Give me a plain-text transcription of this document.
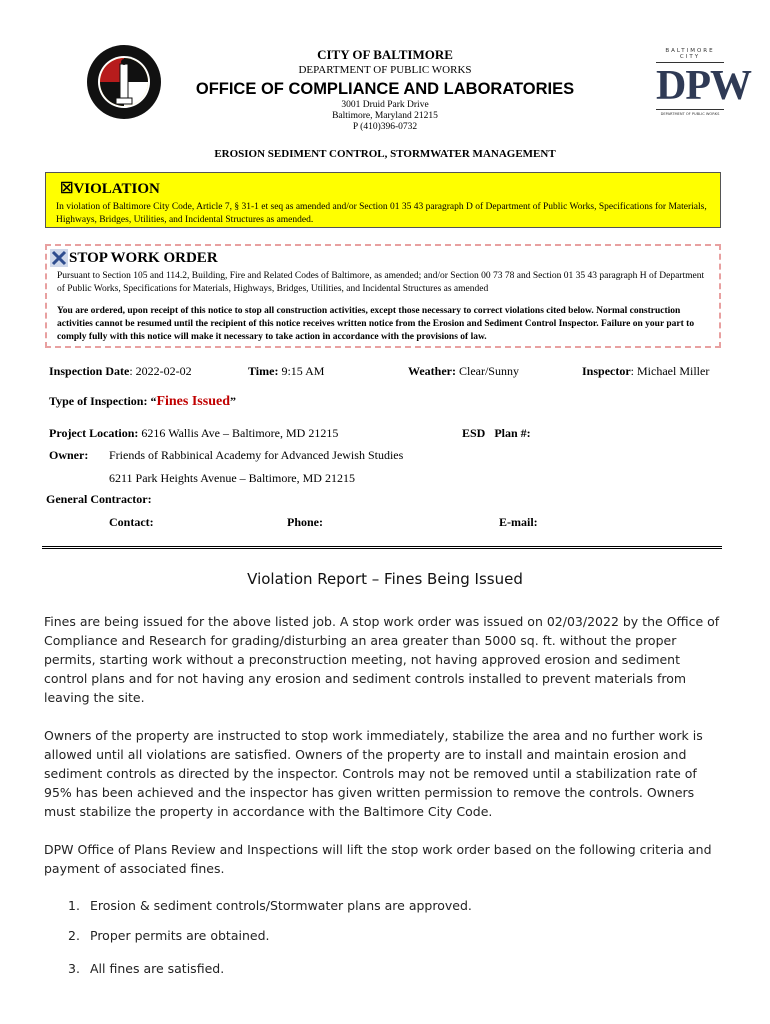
BALTIMORE CITY
DPW
DEPARTMENT OF PUBLIC WORKS
CITY OF BALTIMORE
DEPARTMENT OF PUBLIC WORKS
OFFICE OF COMPLIANCE AND LABORATORIES
3001 Druid Park Drive
Baltimore, Maryland 21215
P (410)396-0732
EROSION SEDIMENT CONTROL, STORMWATER MANAGEMENT
☒VIOLATION
In violation of Baltimore City Code, Article 7, § 31-1 et seq as amended and/or Section 01 35 43 paragraph D of Department of Public Works, Specifications for Materials, Highways, Bridges, Utilities, and Incidental Structures as amended.
STOP WORK ORDER
Pursuant to Section 105 and 114.2, Building, Fire and Related Codes of Baltimore, as amended; and/or Section 00 73 78 and Section 01 35 43 paragraph H of Department of Public Works, Specifications for Materials, Highways, Bridges, Utilities, and Incidental Structures as amended
You are ordered, upon receipt of this notice to stop all construction activities, except those necessary to correct violations cited below. Normal construction activities cannot be resumed until the recipient of this notice receives written notice from the Erosion and Sediment Control Inspector. Failure on your part to comply fully with this notice will make it necessary to take action in accordance with the provisions of law.
Inspection Date: 2022-02-02	Time: 9:15 AM	Weather: Clear/Sunny	Inspector: Michael Miller
Type of Inspection: “Fines Issued”
Project Location: 6216 Wallis Ave – Baltimore, MD 21215	ESD   Plan #:
Owner: Friends of Rabbinical Academy for Advanced Jewish Studies
6211 Park Heights Avenue – Baltimore, MD 21215
General Contractor:
Contact:	Phone:	E-mail:
Violation Report – Fines Being Issued
Fines are being issued for the above listed job. A stop work order was issued on 02/03/2022 by the Office of Compliance and Research for grading/disturbing an area greater than 5000 sq. ft. without the proper permits, starting work without a preconstruction meeting, not having approved erosion and sediment control plans and for not having any erosion and sediment controls installed to prevent materials from leaving the site.
Owners of the property are instructed to stop work immediately, stabilize the area and no further work is allowed until all violations are satisfied. Owners of the property are to install and maintain erosion and sediment controls as directed by the inspector. Controls may not be removed until a stabilization rate of 95% has been achieved and the inspector has given written permission to remove the controls. Owners must stabilize the property in accordance with the Baltimore City Code.
DPW Office of Plans Review and Inspections will lift the stop work order based on the following criteria and payment of associated fines.
1. Erosion & sediment controls/Stormwater plans are approved.
2. Proper permits are obtained.
3. All fines are satisfied.
